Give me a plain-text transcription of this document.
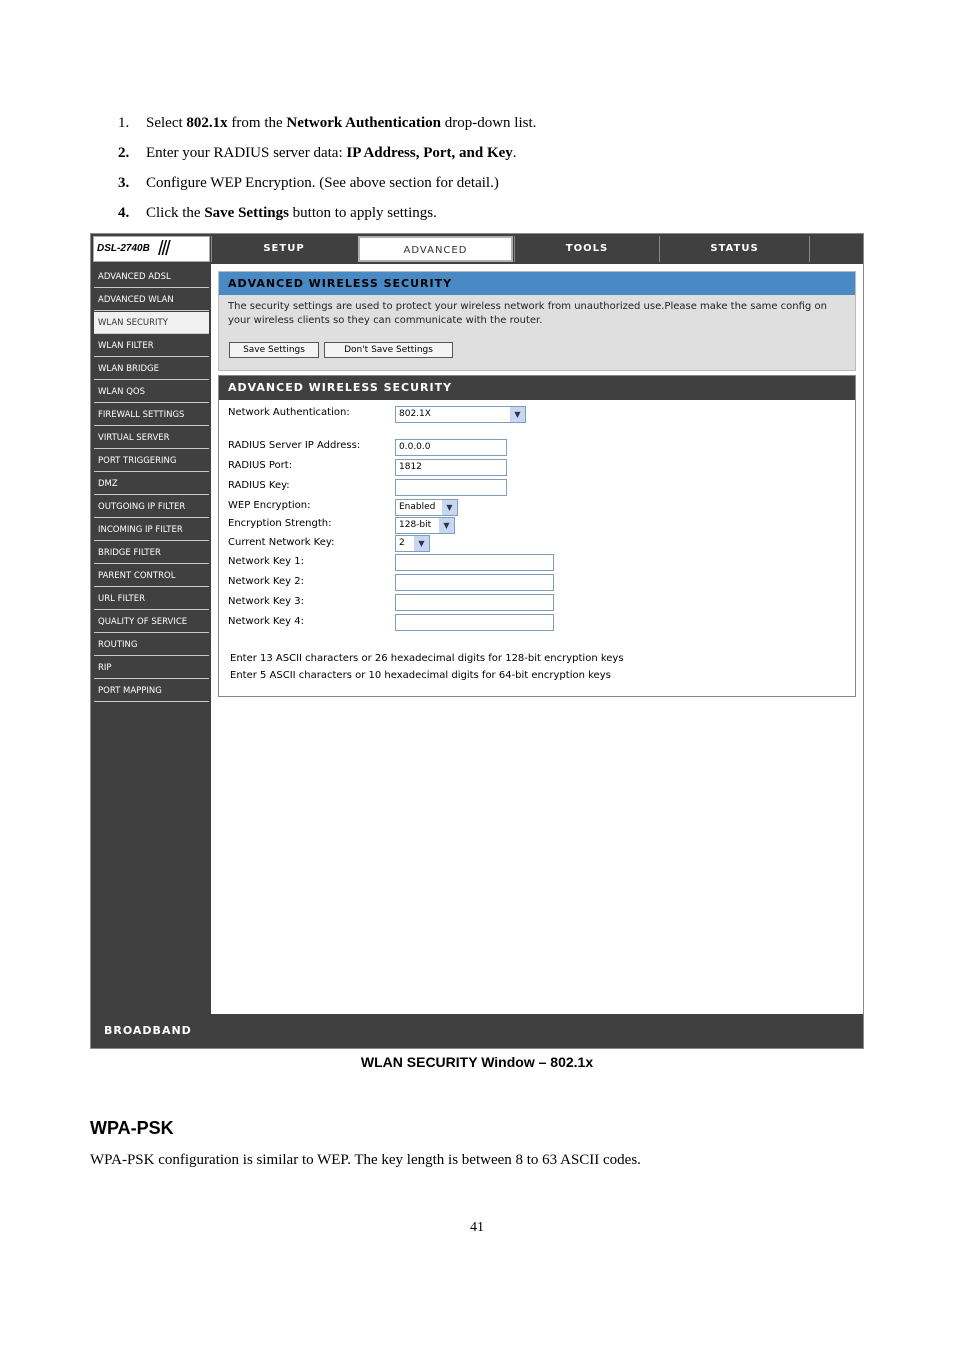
1. Select 802.1x from the Network Authentication drop-down list.
2. Enter your RADIUS server data: IP Address, Port, and Key.
3. Configure WEP Encryption. (See above section for detail.)
4. Click the Save Settings button to apply settings.
DSL-2740B ///	SETUP	ADVANCED	TOOLS	STATUS
ADVANCED ADSL
ADVANCED WLAN
WLAN SECURITY
WLAN FILTER
WLAN BRIDGE
WLAN QOS
FIREWALL SETTINGS
VIRTUAL SERVER
PORT TRIGGERING
DMZ
OUTGOING IP FILTER
INCOMING IP FILTER
BRIDGE FILTER
PARENT CONTROL
URL FILTER
QUALITY OF SERVICE
ROUTING
RIP
PORT MAPPING
ADVANCED WIRELESS SECURITY
The security settings are used to protect your wireless network from unauthorized use.Please make the same config on your wireless clients so they can communicate with the router.
Save Settings	Don't Save Settings
ADVANCED WIRELESS SECURITY
Network Authentication:	802.1X	▼
RADIUS Server IP Address:	0.0.0.0
RADIUS Port:	1812
RADIUS Key:
WEP Encryption:	Enabled	▼
Encryption Strength:	128-bit	▼
Current Network Key:	2	▼
Network Key 1:
Network Key 2:
Network Key 3:
Network Key 4:
Enter 13 ASCII characters or 26 hexadecimal digits for 128-bit encryption keys
Enter 5 ASCII characters or 10 hexadecimal digits for 64-bit encryption keys
BROADBAND
WLAN SECURITY Window – 802.1x
WPA-PSK
WPA-PSK configuration is similar to WEP. The key length is between 8 to 63 ASCII codes.
41
